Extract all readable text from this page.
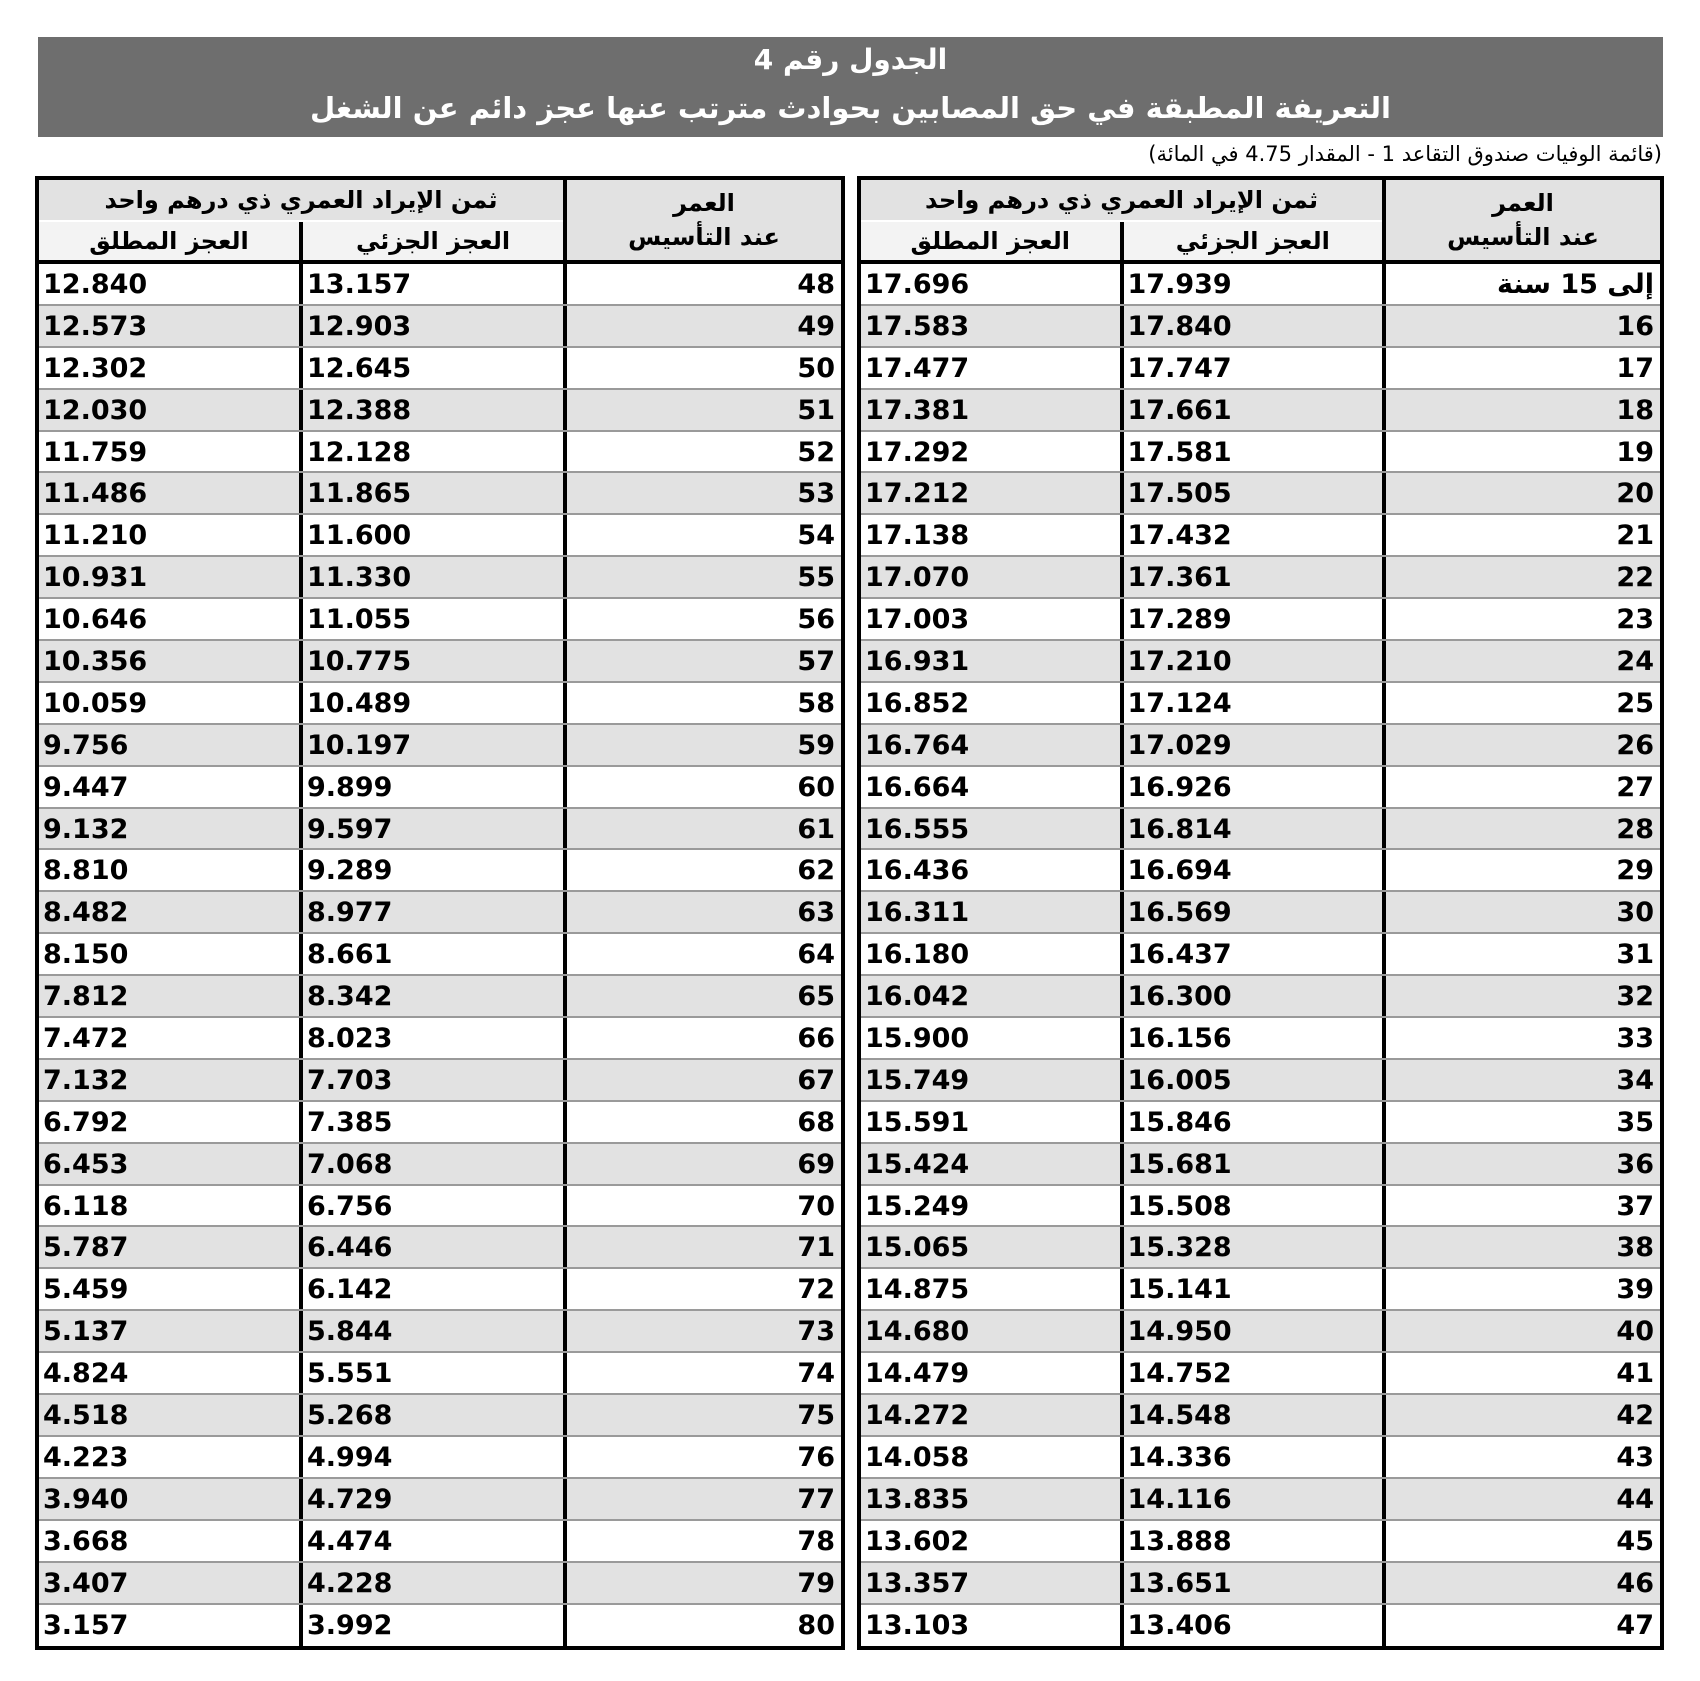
الجدول رقم 4
التعريفة المطبقة في حق المصابين بحوادث مترتب عنها عجز دائم عن الشغل
(قائمة الوفيات صندوق التقاعد 1 - المقدار 4.75 في المائة)
العمر
عند التأسيس
ثمن الإيراد العمري ذي درهم واحد
العجز الجزئي
العجز المطلق
إلى 15 سنة
17.939
17.696
16
17.840
17.583
17
17.747
17.477
18
17.661
17.381
19
17.581
17.292
20
17.505
17.212
21
17.432
17.138
22
17.361
17.070
23
17.289
17.003
24
17.210
16.931
25
17.124
16.852
26
17.029
16.764
27
16.926
16.664
28
16.814
16.555
29
16.694
16.436
30
16.569
16.311
31
16.437
16.180
32
16.300
16.042
33
16.156
15.900
34
16.005
15.749
35
15.846
15.591
36
15.681
15.424
37
15.508
15.249
38
15.328
15.065
39
15.141
14.875
40
14.950
14.680
41
14.752
14.479
42
14.548
14.272
43
14.336
14.058
44
14.116
13.835
45
13.888
13.602
46
13.651
13.357
47
13.406
13.103
العمر
عند التأسيس
ثمن الإيراد العمري ذي درهم واحد
العجز الجزئي
العجز المطلق
48
13.157
12.840
49
12.903
12.573
50
12.645
12.302
51
12.388
12.030
52
12.128
11.759
53
11.865
11.486
54
11.600
11.210
55
11.330
10.931
56
11.055
10.646
57
10.775
10.356
58
10.489
10.059
59
10.197
9.756
60
9.899
9.447
61
9.597
9.132
62
9.289
8.810
63
8.977
8.482
64
8.661
8.150
65
8.342
7.812
66
8.023
7.472
67
7.703
7.132
68
7.385
6.792
69
7.068
6.453
70
6.756
6.118
71
6.446
5.787
72
6.142
5.459
73
5.844
5.137
74
5.551
4.824
75
5.268
4.518
76
4.994
4.223
77
4.729
3.940
78
4.474
3.668
79
4.228
3.407
80
3.992
3.157
